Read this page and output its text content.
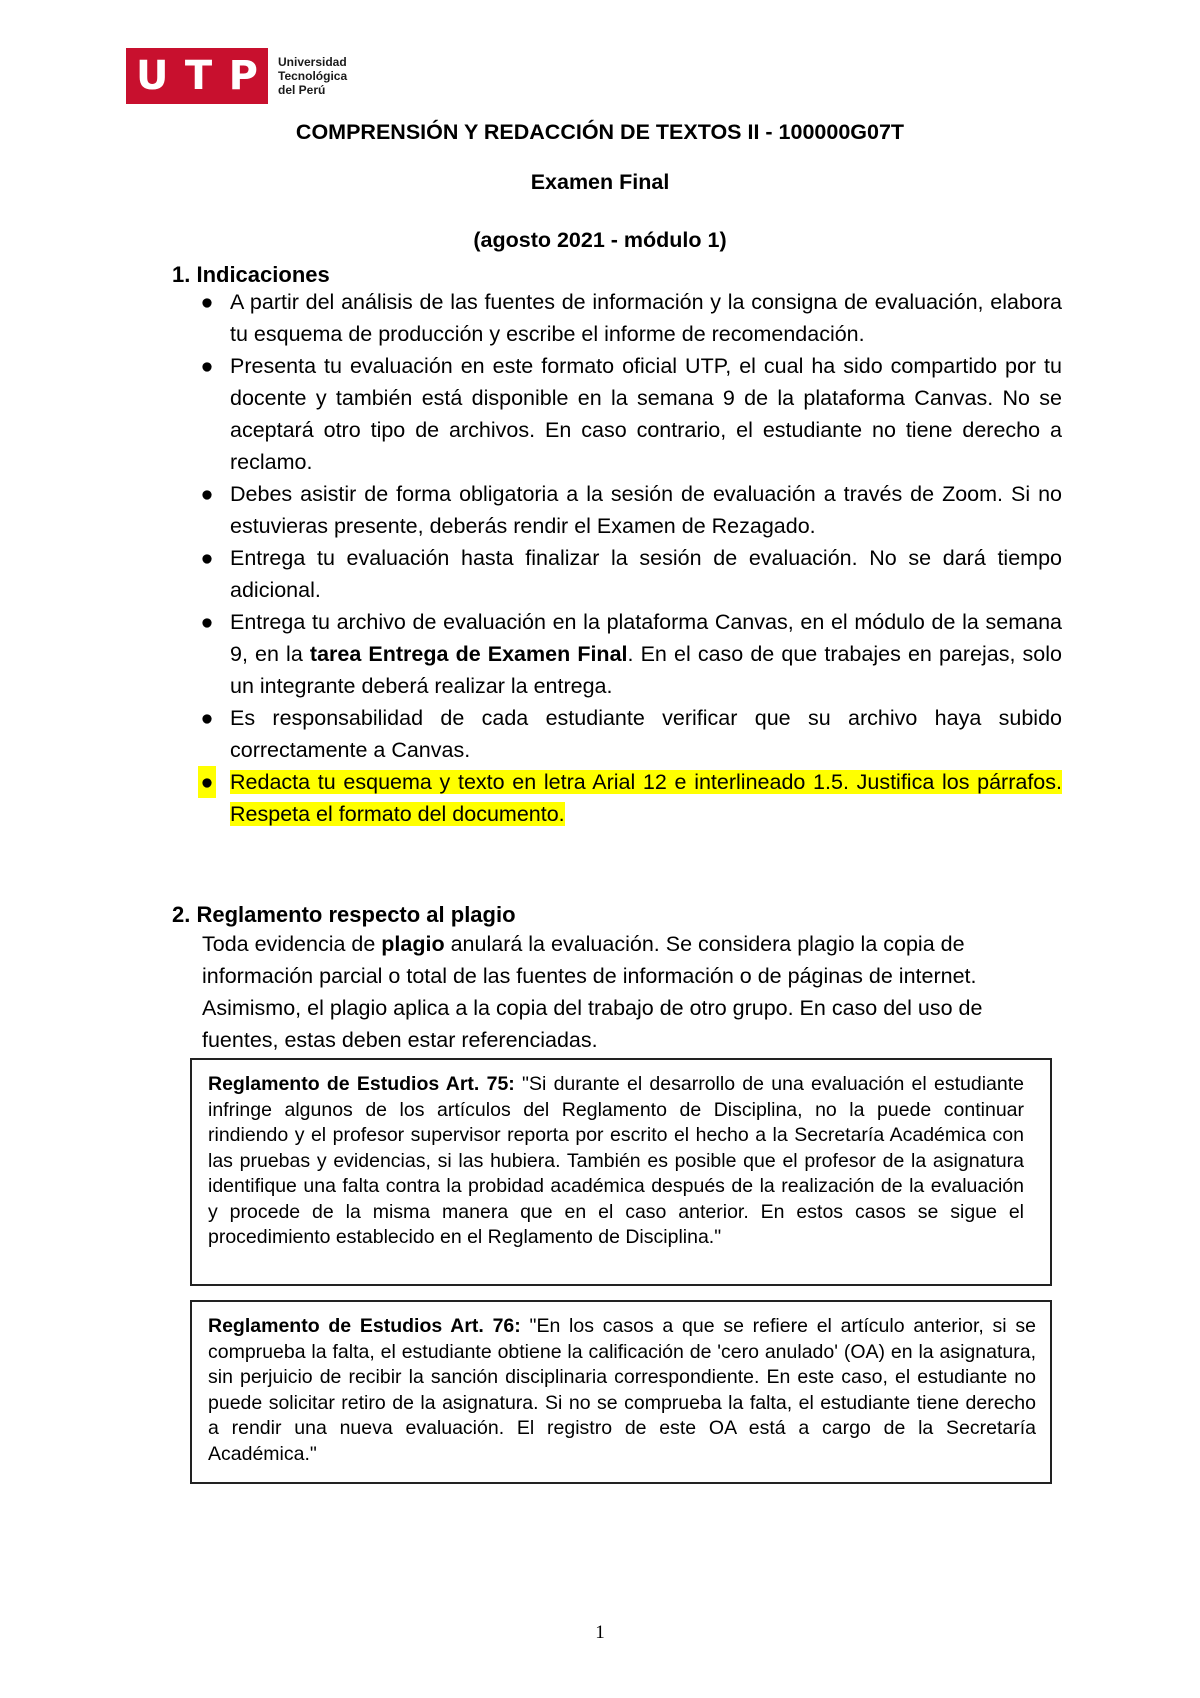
U T P Universidad
Tecnológica
del Perú
COMPRENSIÓN Y REDACCIÓN DE TEXTOS II - 100000G07T
Examen Final
(agosto 2021 - módulo 1)
1. Indicaciones
● A partir del análisis de las fuentes de información y la consigna de evaluación, elabora tu esquema de producción y escribe el informe de recomendación.
● Presenta tu evaluación en este formato oficial UTP, el cual ha sido compartido por tu docente y también está disponible en la semana 9 de la plataforma Canvas. No se aceptará otro tipo de archivos. En caso contrario, el estudiante no tiene derecho a reclamo.
● Debes asistir de forma obligatoria a la sesión de evaluación a través de Zoom. Si no estuvieras presente, deberás rendir el Examen de Rezagado.
● Entrega tu evaluación hasta finalizar la sesión de evaluación. No se dará tiempo adicional.
● Entrega tu archivo de evaluación en la plataforma Canvas, en el módulo de la semana 9, en la tarea Entrega de Examen Final. En el caso de que trabajes en parejas, solo un integrante deberá realizar la entrega.
● Es responsabilidad de cada estudiante verificar que su archivo haya subido correctamente a Canvas.
● Redacta tu esquema y texto en letra Arial 12 e interlineado 1.5. Justifica los párrafos. Respeta el formato del documento.
2. Reglamento respecto al plagio
Toda evidencia de plagio anulará la evaluación. Se considera plagio la copia de información parcial o total de las fuentes de información o de páginas de internet. Asimismo, el plagio aplica a la copia del trabajo de otro grupo. En caso del uso de fuentes, estas deben estar referenciadas.

Reglamento de Estudios Art. 75: "Si durante el desarrollo de una evaluación el estudiante infringe algunos de los artículos del Reglamento de Disciplina, no la puede continuar rindiendo y el profesor supervisor reporta por escrito el hecho a la Secretaría Académica con las pruebas y evidencias, si las hubiera. También es posible que el profesor de la asignatura identifique una falta contra la probidad académica después de la realización de la evaluación y procede de la misma manera que en el caso anterior. En estos casos se sigue el procedimiento establecido en el Reglamento de Disciplina."

Reglamento de Estudios Art. 76: "En los casos a que se refiere el artículo anterior, si se comprueba la falta, el estudiante obtiene la calificación de 'cero anulado' (OA) en la asignatura, sin perjuicio de recibir la sanción disciplinaria correspondiente. En este caso, el estudiante no puede solicitar retiro de la asignatura. Si no se comprueba la falta, el estudiante tiene derecho a rendir una nueva evaluación. El registro de este OA está a cargo de la Secretaría Académica."

1
